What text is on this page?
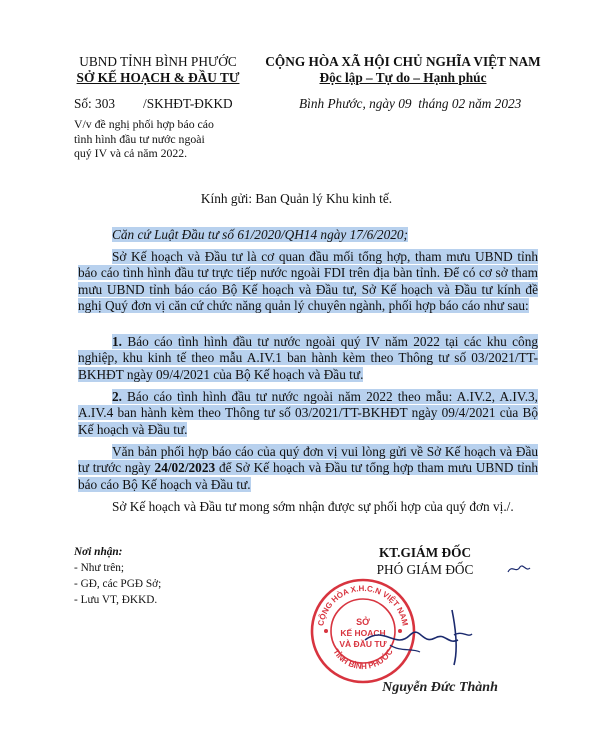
UBND TỈNH BÌNH PHƯỚC
SỞ KẾ HOẠCH & ĐẦU TƯ
Số: 303 /SKHĐT-ĐKKD
V/v đề nghị phối hợp báo cáo
tình hình đầu tư nước ngoài
quý IV và cả năm 2022.
CỘNG HÒA XÃ HỘI CHỦ NGHĨA VIỆT NAM
Độc lập – Tự do – Hạnh phúc
Bình Phước, ngày 09  tháng 02 năm 2023
Kính gửi: Ban Quản lý Khu kinh tế.
Căn cứ Luật Đầu tư số 61/2020/QH14 ngày 17/6/2020;
Sở Kế hoạch và Đầu tư là cơ quan đầu mối tổng hợp, tham mưu UBND tỉnh báo cáo tình hình đầu tư trực tiếp nước ngoài FDI trên địa bàn tỉnh. Để có cơ sở tham mưu UBND tỉnh báo cáo Bộ Kế hoạch và Đầu tư, Sở Kế hoạch và Đầu tư kính đề nghị Quý đơn vị căn cứ chức năng quản lý chuyên ngành, phối hợp báo cáo như sau:
1. Báo cáo tình hình đầu tư nước ngoài quý IV năm 2022 tại các khu công nghiệp, khu kinh tế theo mẫu A.IV.1 ban hành kèm theo Thông tư số 03/2021/TT-BKHĐT ngày 09/4/2021 của Bộ Kế hoạch và Đầu tư.
2. Báo cáo tình hình đầu tư nước ngoài năm 2022 theo mẫu: A.IV.2, A.IV.3, A.IV.4 ban hành kèm theo Thông tư số 03/2021/TT-BKHĐT ngày 09/4/2021 của Bộ Kế hoạch và Đầu tư.
Văn bản phối hợp báo cáo của quý đơn vị vui lòng gửi về Sở Kế hoạch và Đầu tư trước ngày 24/02/2023 để Sở Kế hoạch và Đầu tư tổng hợp tham mưu UBND tỉnh báo cáo Bộ Kế hoạch và Đầu tư.
Sở Kế hoạch và Đầu tư mong sớm nhận được sự phối hợp của quý đơn vị./.
Nơi nhận:
- Như trên;
- GĐ, các PGĐ Sở;
- Lưu VT, ĐKKD.
KT.GIÁM ĐỐC
PHÓ GIÁM ĐỐC
CỘNG HÒA X.H.C.N VIỆT NAM
TỈNH BÌNH PHƯỚC
SỞ
KẾ HOẠCH
VÀ ĐẦU TƯ
Nguyễn Đức Thành
